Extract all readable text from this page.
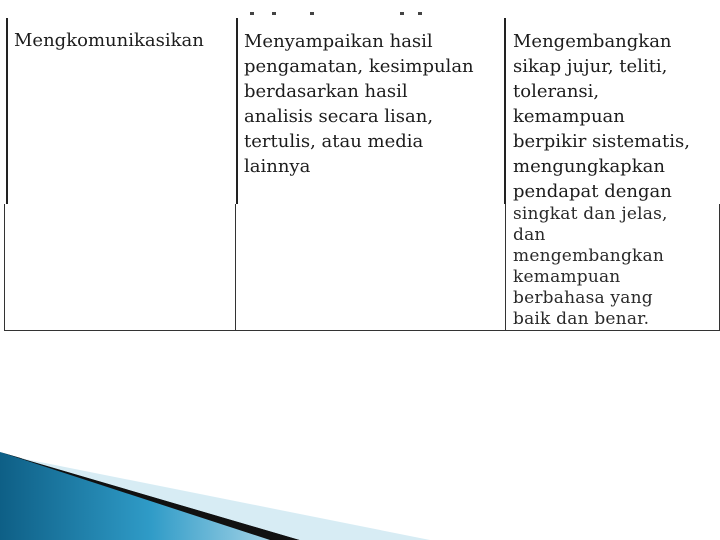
Mengkomunikasikan Menyampaikan hasil
pengamatan, kesimpulan
berdasarkan hasil
analisis secara lisan,
tertulis, atau media
lainnya

Mengembangkan
sikap jujur, teliti,
toleransi,
kemampuan
berpikir sistematis,
mengungkapkan
pendapat dengan

singkat dan jelas,
dan
mengembangkan
kemampuan
berbahasa yang
baik dan benar.
